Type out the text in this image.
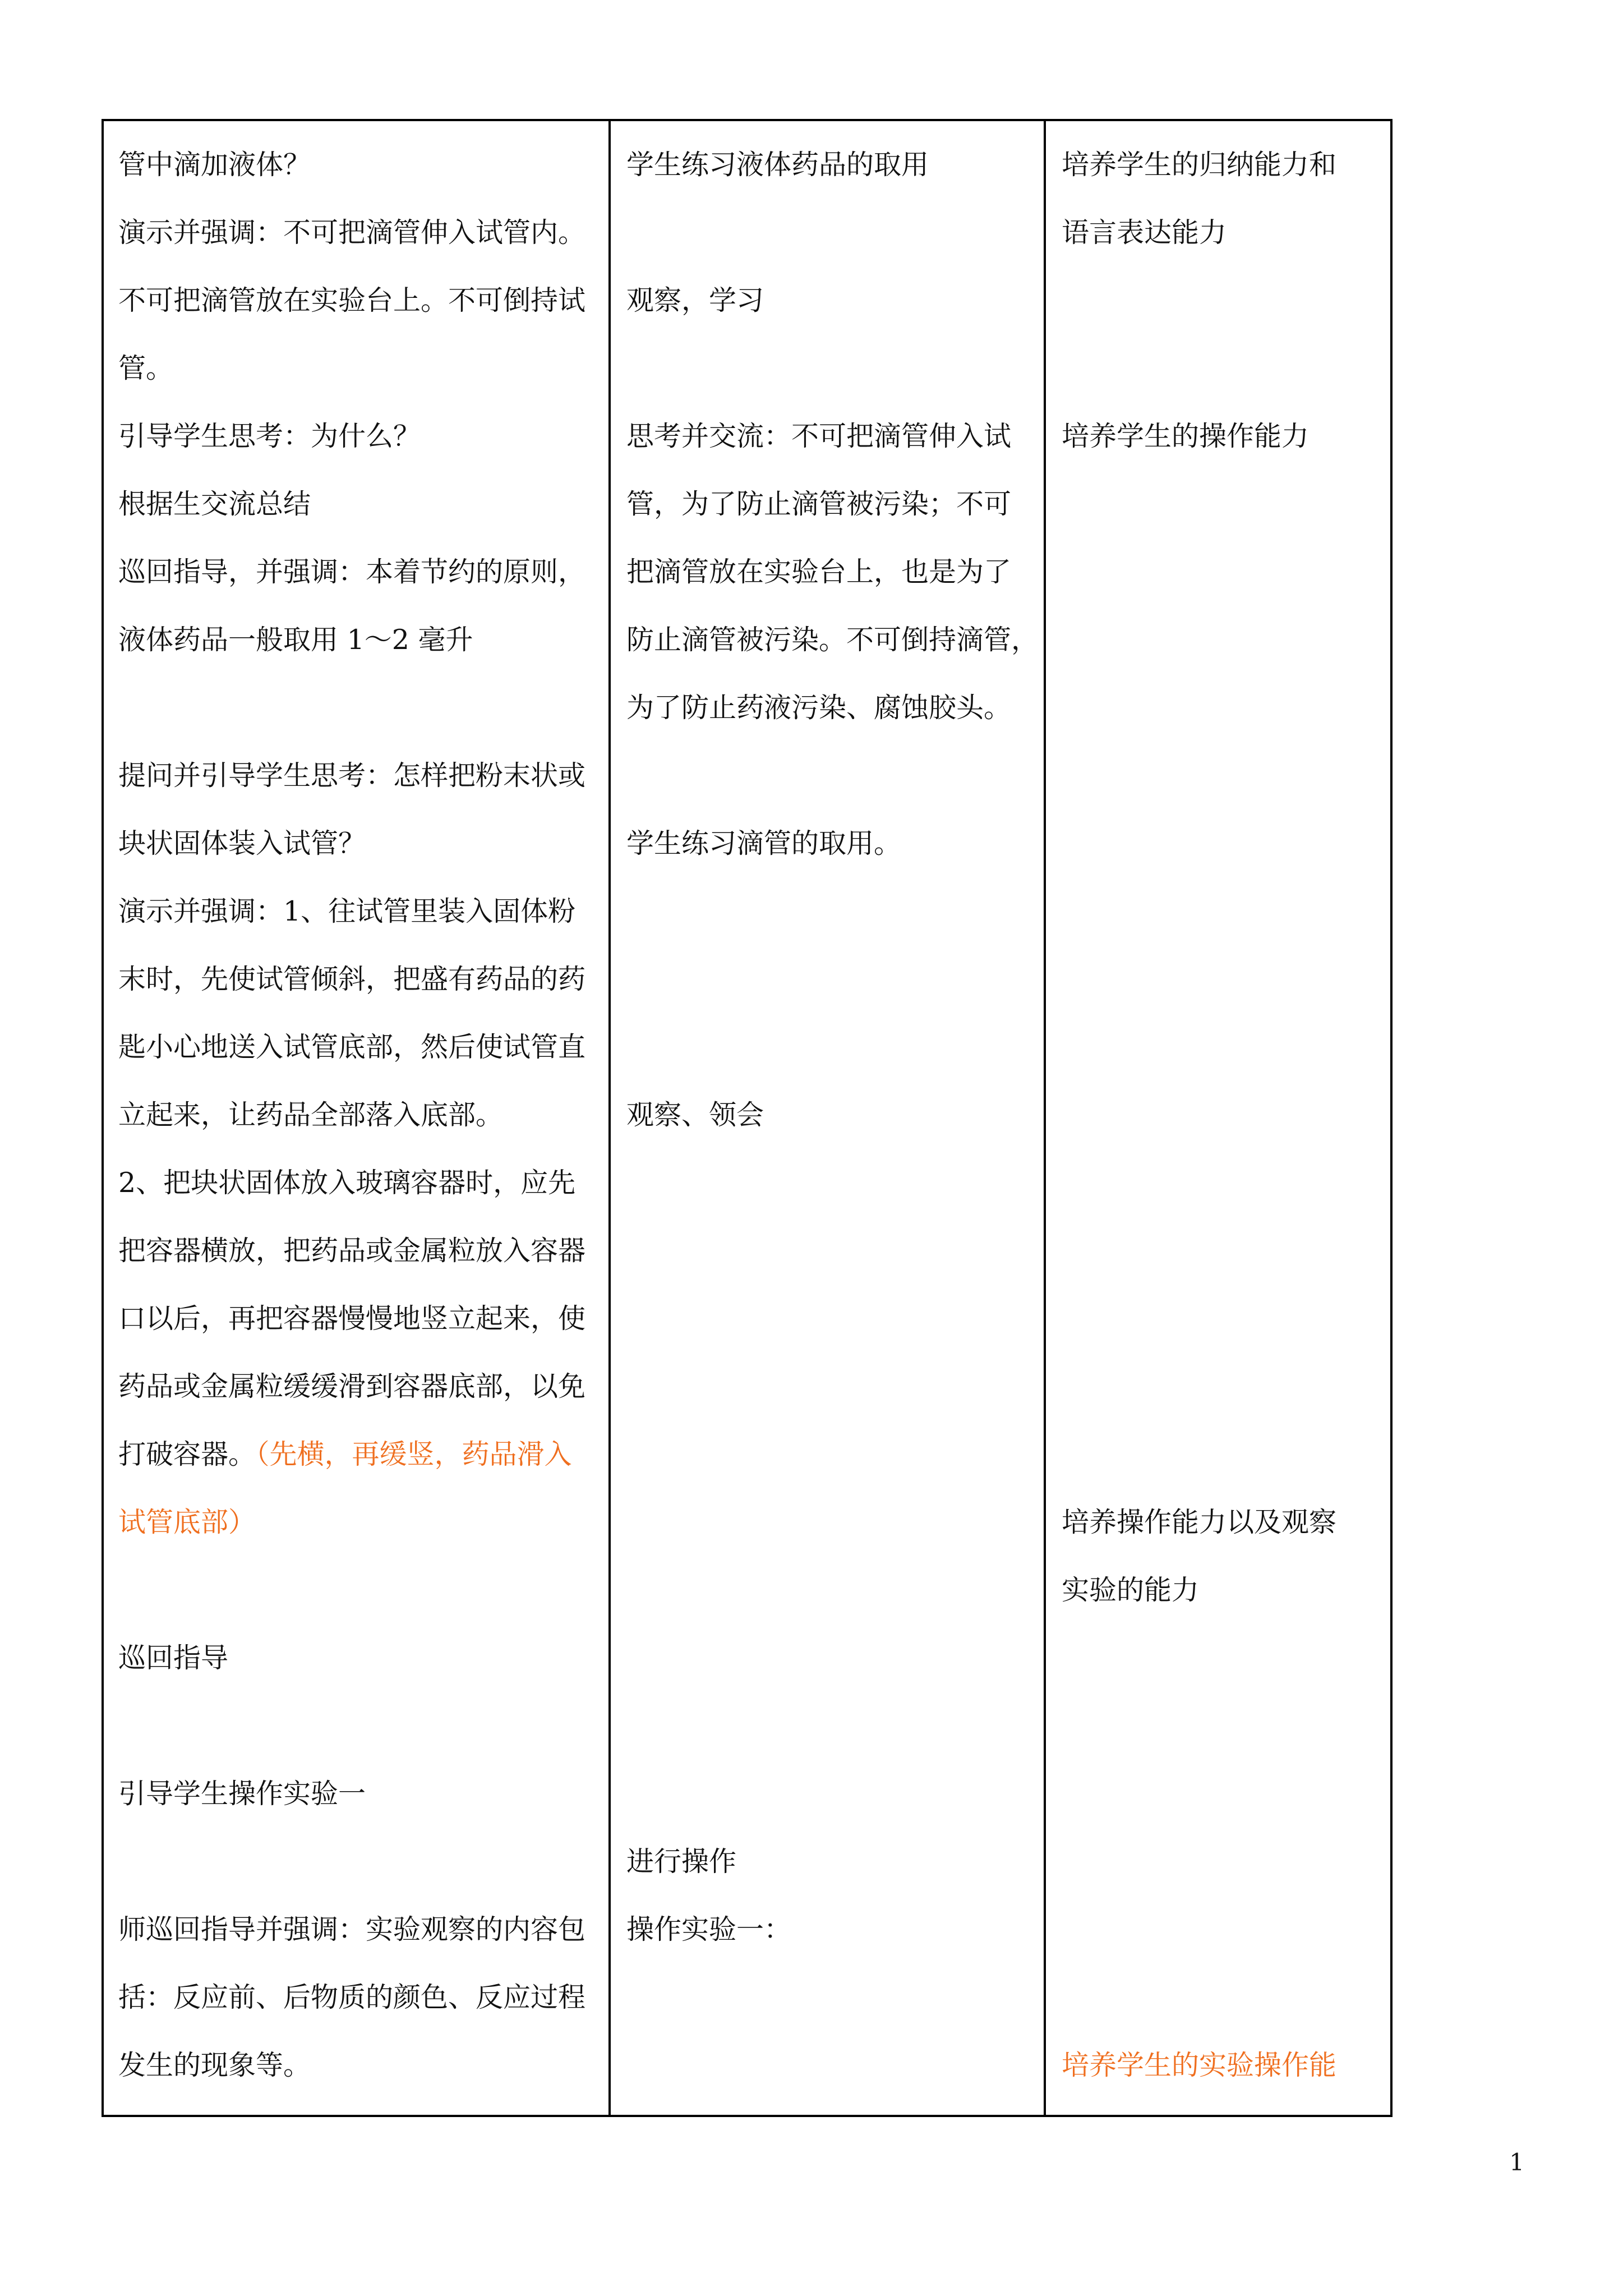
管中滴加液体？
演示并强调：不可把滴管伸入试管内。
不可把滴管放在实验台上。不可倒持试
管。
引导学生思考：为什么？
根据生交流总结
巡回指导，并强调：本着节约的原则，
液体药品一般取用 1～2 毫升
提问并引导学生思考：怎样把粉末状或
块状固体装入试管？
演示并强调：1、往试管里装入固体粉
末时，先使试管倾斜，把盛有药品的药
匙小心地送入试管底部，然后使试管直
立起来，让药品全部落入底部。
2、把块状固体放入玻璃容器时，应先
把容器横放，把药品或金属粒放入容器
口以后，再把容器慢慢地竖立起来，使
药品或金属粒缓缓滑到容器底部，以免
打破容器。（先横，再缓竖，药品滑入
试管底部）
巡回指导
引导学生操作实验一
师巡回指导并强调：实验观察的内容包
括：反应前、后物质的颜色、反应过程
发生的现象等。
学生练习液体药品的取用
观察，学习
思考并交流：不可把滴管伸入试
管，为了防止滴管被污染；不可
把滴管放在实验台上，也是为了
防止滴管被污染。不可倒持滴管，
为了防止药液污染、腐蚀胶头。
学生练习滴管的取用。
观察、领会
进行操作
操作实验一：
培养学生的归纳能力和
语言表达能力
培养学生的操作能力
培养操作能力以及观察
实验的能力
培养学生的实验操作能
1
